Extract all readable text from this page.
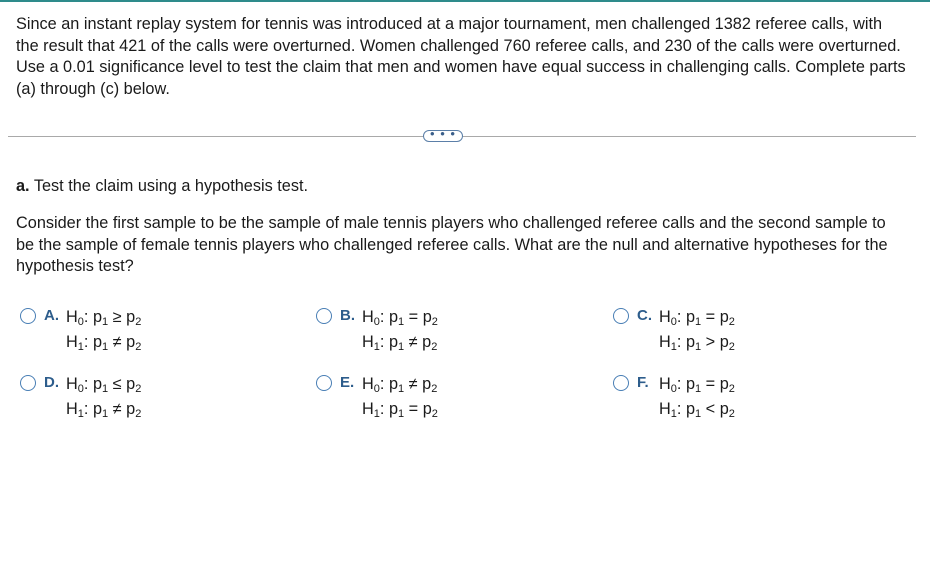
Since an instant replay system for tennis was introduced at a major tournament, men challenged 1382 referee calls, with the result that 421 of the calls were overturned. Women challenged 760 referee calls, and 230 of the calls were overturned. Use a 0.01 significance level to test the claim that men and women have equal success in challenging calls. Complete parts (a) through (c) below.

• • •

a. Test the claim using a hypothesis test.

Consider the first sample to be the sample of male tennis players who challenged referee calls and the second sample to be the sample of female tennis players who challenged referee calls. What are the null and alternative hypotheses for the hypothesis test?

A. $H_0$: $p_1 \ge p_2$
$H_1$: $p_1 \ne p_2$
B. $H_0$: $p_1 = p_2$
$H_1$: $p_1 \ne p_2$
C. $H_0$: $p_1 = p_2$
$H_1$: $p_1 > p_2$
D. $H_0$: $p_1 \le p_2$
$H_1$: $p_1 \ne p_2$
E. $H_0$: $p_1 \ne p_2$
$H_1$: $p_1 = p_2$
F. $H_0$: $p_1 = p_2$
$H_1$: $p_1 < p_2$
